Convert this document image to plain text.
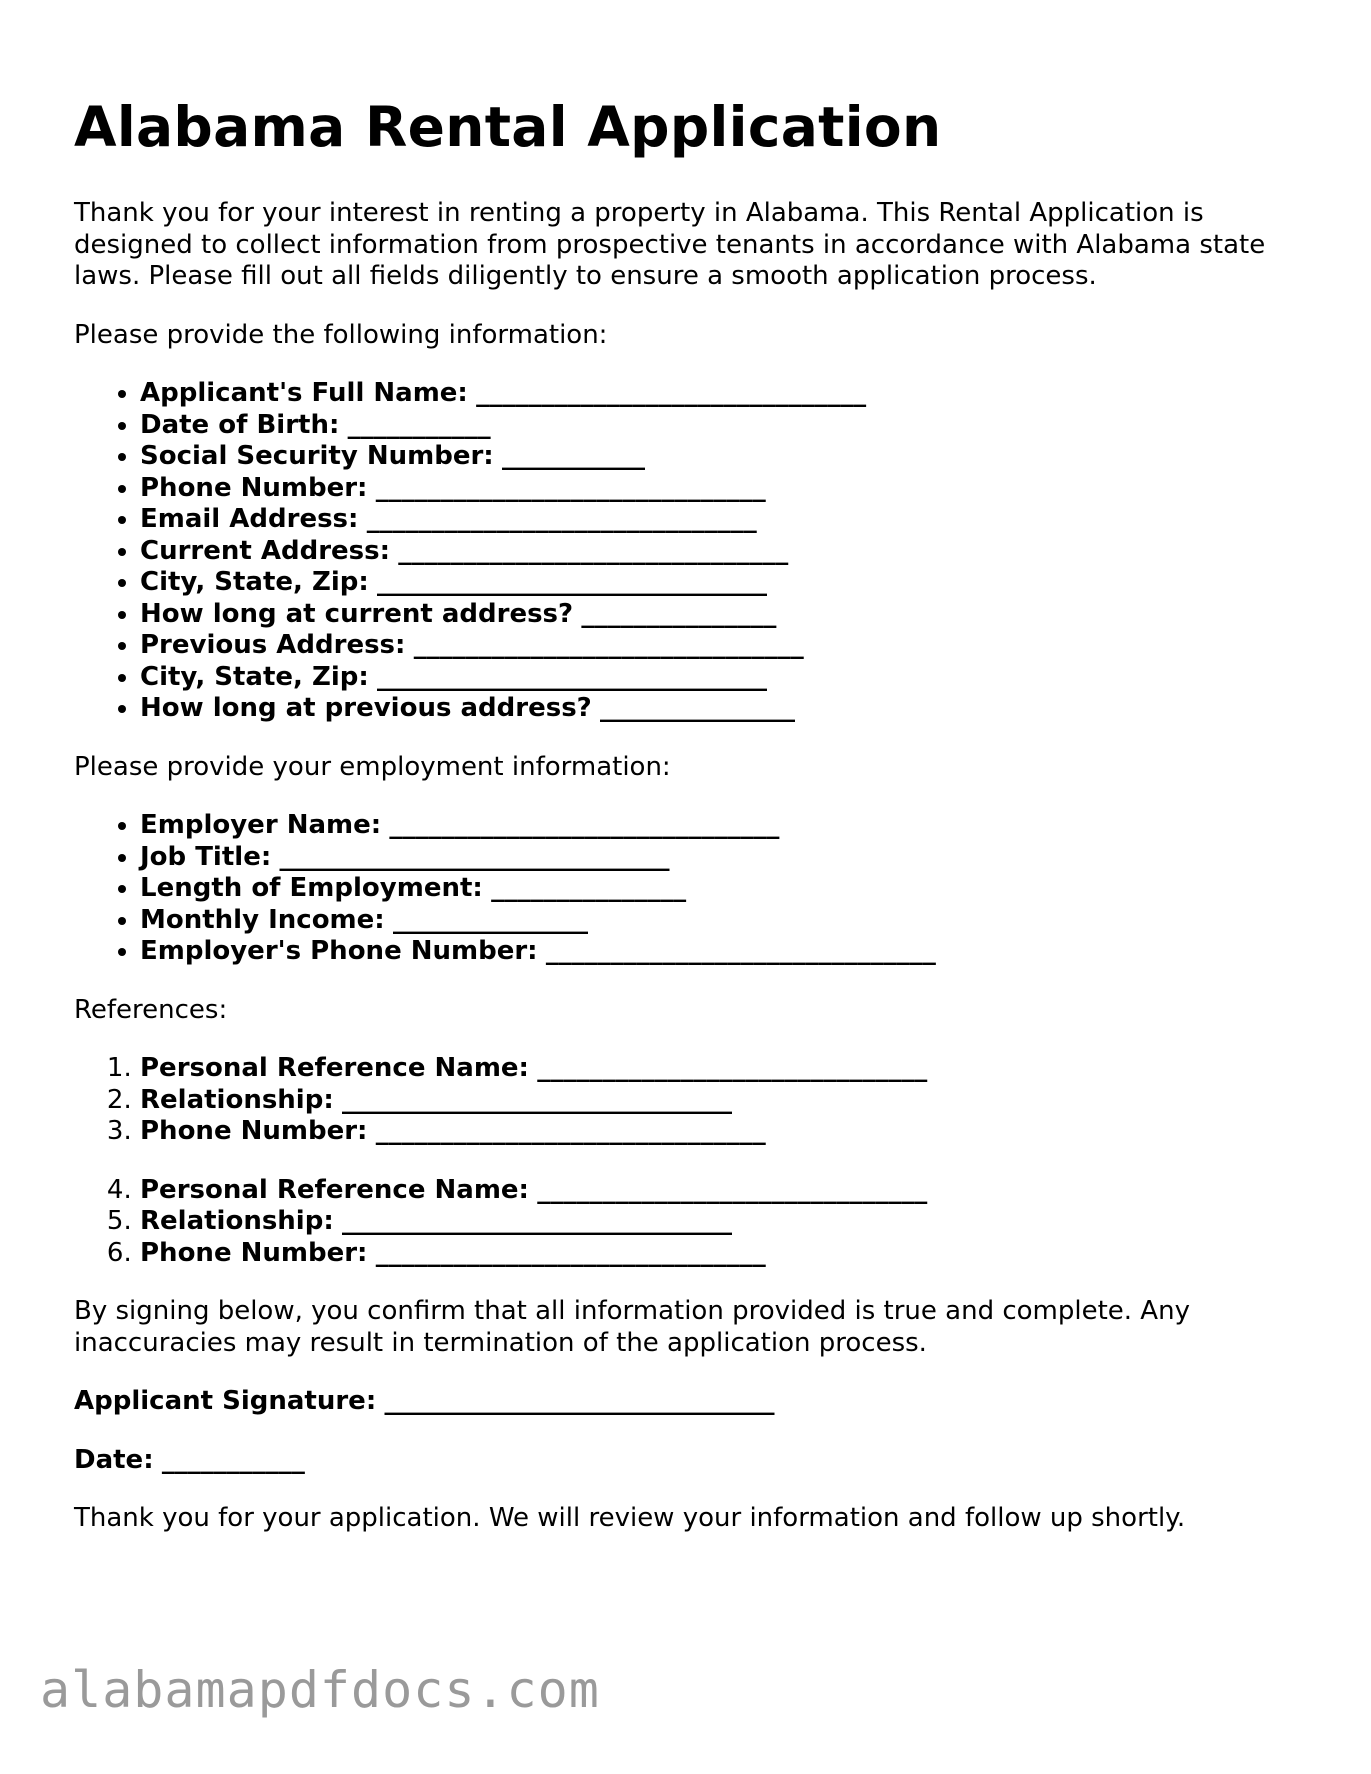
Alabama Rental Application

Thank you for your interest in renting a property in Alabama. This Rental Application is designed to collect information from prospective tenants in accordance with Alabama state laws. Please fill out all fields diligently to ensure a smooth application process.

Please provide the following information:

• Applicant's Full Name: ______________________________
• Date of Birth: ___________
• Social Security Number: ___________
• Phone Number: ______________________________
• Email Address: ______________________________
• Current Address: ______________________________
• City, State, Zip: ______________________________
• How long at current address? _______________
• Previous Address: ______________________________
• City, State, Zip: ______________________________
• How long at previous address? _______________

Please provide your employment information:

• Employer Name: ______________________________
• Job Title: ______________________________
• Length of Employment: _______________
• Monthly Income: _______________
• Employer's Phone Number: ______________________________

References:

1. Personal Reference Name: ______________________________
2. Relationship: ______________________________
3. Phone Number: ______________________________
4. Personal Reference Name: ______________________________
5. Relationship: ______________________________
6. Phone Number: ______________________________

By signing below, you confirm that all information provided is true and complete. Any inaccuracies may result in termination of the application process.

Applicant Signature: ______________________________

Date: ___________

Thank you for your application. We will review your information and follow up shortly.

alabamapdfdocs.com
